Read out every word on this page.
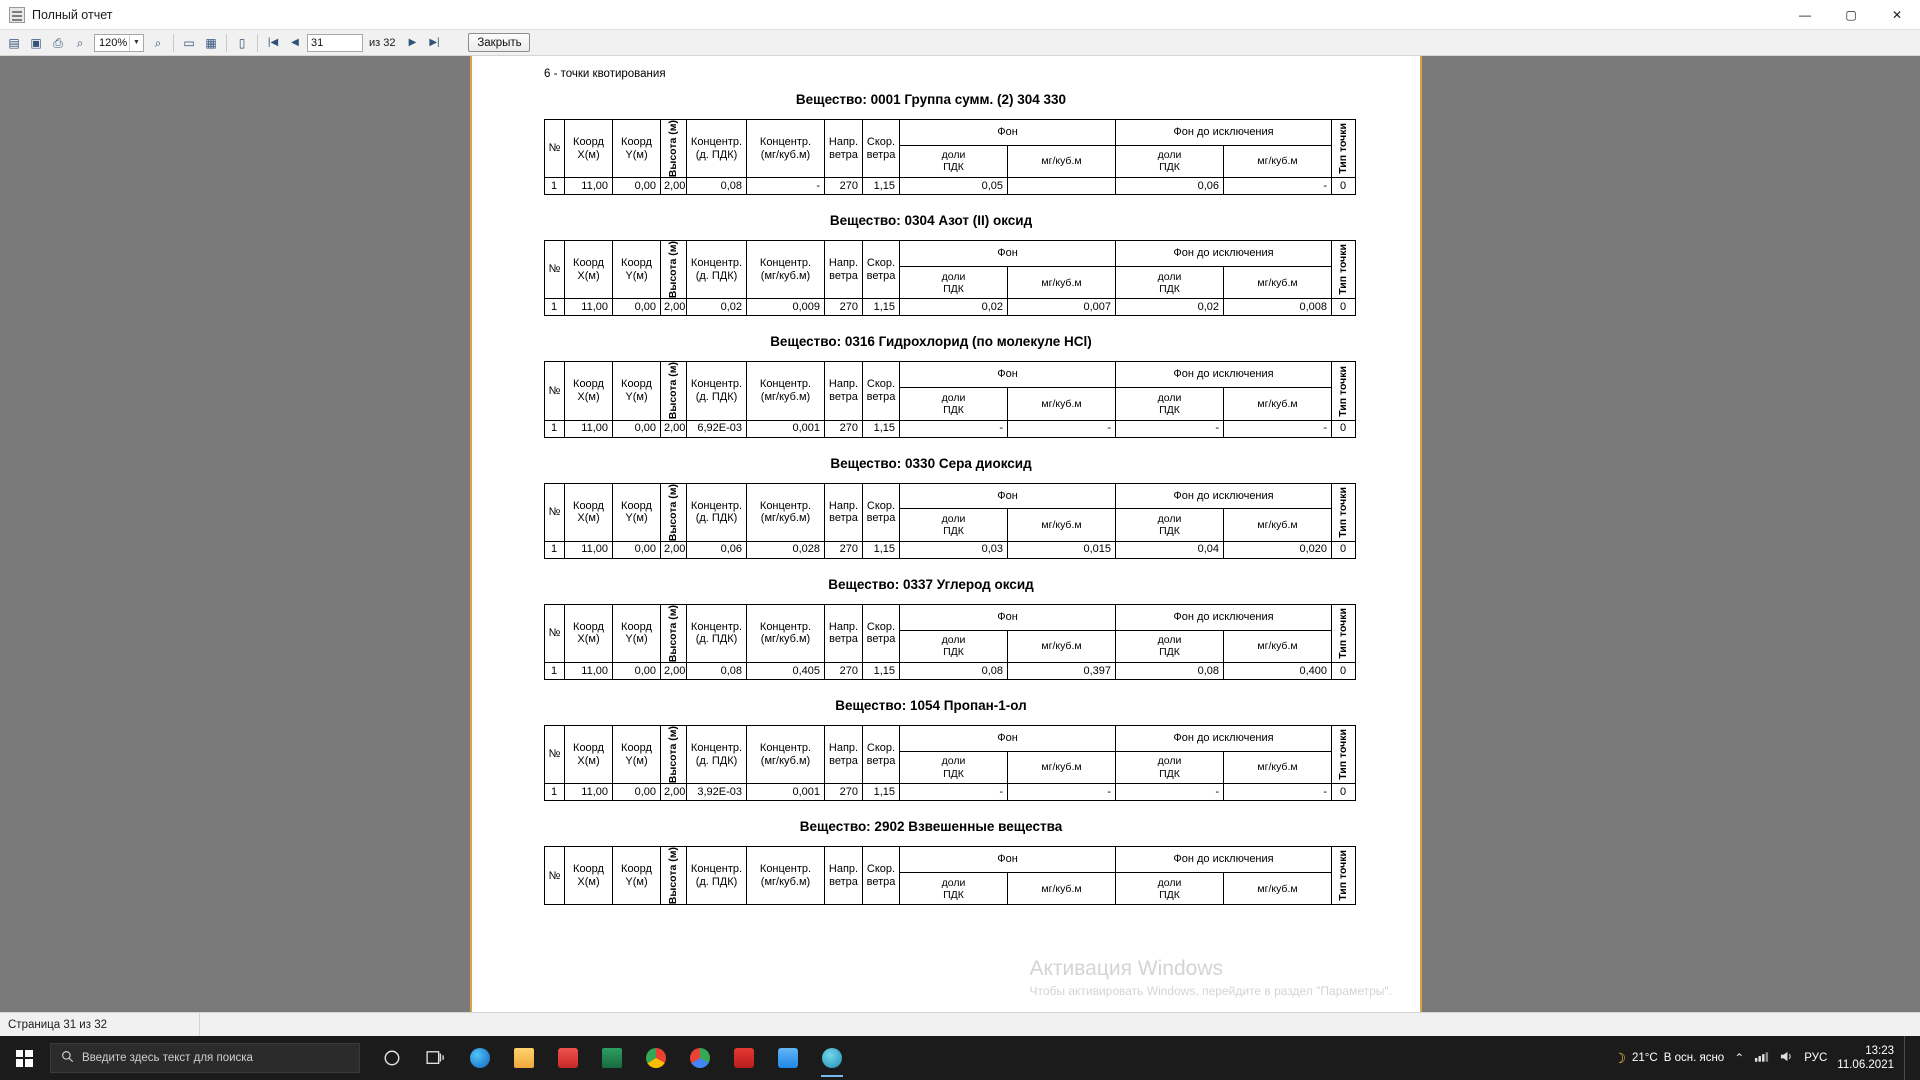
Полный отчет	—	▢	✕
▤ ▣ ⎙ ⌕ 120% ▼ ⌕ ▭ ▦ ▯ |◀ ◀	31	из 32 ▶ ▶|	Закрыть
6 - точки квотирования
Вещество: 0001 Группа сумм. (2) 304 330
№	Коорд
Х(м)	Коорд
Y(м)	Высота (м)	Концентр.
(д. ПДК)	Концентр.
(мг/куб.м)	Напр.
ветра	Скор.
ветра	Фон		Фон до исключения		Тип точки

								доли
ПДК	мг/куб.м	доли
ПДК	мг/куб.м	
1	11,00	0,00	2,00	0,08	-	270	1,15	0,05		0,06	-	0
Вещество: 0304 Азот (II) оксид
№	Коорд
Х(м)	Коорд
Y(м)	Высота (м)	Концентр.
(д. ПДК)	Концентр.
(мг/куб.м)	Напр.
ветра	Скор.
ветра	Фон		Фон до исключения		Тип точки

								доли
ПДК	мг/куб.м	доли
ПДК	мг/куб.м	
1	11,00	0,00	2,00	0,02	0,009	270	1,15	0,02	0,007	0,02	0,008	0
Вещество: 0316 Гидрохлорид (по молекуле HCl)
№	Коорд
Х(м)	Коорд
Y(м)	Высота (м)	Концентр.
(д. ПДК)	Концентр.
(мг/куб.м)	Напр.
ветра	Скор.
ветра	Фон		Фон до исключения		Тип точки

								доли
ПДК	мг/куб.м	доли
ПДК	мг/куб.м	
1	11,00	0,00	2,00	6,92Е-03	0,001	270	1,15	-	-	-	-	0
Вещество: 0330 Сера диоксид
№	Коорд
Х(м)	Коорд
Y(м)	Высота (м)	Концентр.
(д. ПДК)	Концентр.
(мг/куб.м)	Напр.
ветра	Скор.
ветра	Фон		Фон до исключения		Тип точки

								доли
ПДК	мг/куб.м	доли
ПДК	мг/куб.м	
1	11,00	0,00	2,00	0,06	0,028	270	1,15	0,03	0,015	0,04	0,020	0
Вещество: 0337 Углерод оксид
№	Коорд
Х(м)	Коорд
Y(м)	Высота (м)	Концентр.
(д. ПДК)	Концентр.
(мг/куб.м)	Напр.
ветра	Скор.
ветра	Фон		Фон до исключения		Тип точки

								доли
ПДК	мг/куб.м	доли
ПДК	мг/куб.м	
1	11,00	0,00	2,00	0,08	0,405	270	1,15	0,08	0,397	0,08	0,400	0
Вещество: 1054 Пропан-1-ол
№	Коорд
Х(м)	Коорд
Y(м)	Высота (м)	Концентр.
(д. ПДК)	Концентр.
(мг/куб.м)	Напр.
ветра	Скор.
ветра	Фон		Фон до исключения		Тип точки

								доли
ПДК	мг/куб.м	доли
ПДК	мг/куб.м	
1	11,00	0,00	2,00	3,92Е-03	0,001	270	1,15	-	-	-	-	0
Вещество: 2902 Взвешенные вещества
№	Коорд
Х(м)	Коорд
Y(м)	Высота (м)	Концентр.
(д. ПДК)	Концентр.
(мг/куб.м)	Напр.
ветра	Скор.
ветра	Фон		Фон до исключения		Тип точки

								доли
ПДК	мг/куб.м	доли
ПДК	мг/куб.м	
Активация Windows
Чтобы активировать Windows, перейдите в раздел "Параметры".
Страница 31 из 32
Введите здесь текст для поиска	☽ 21°C В осн. ясно ⌃	РУС
13:23
11.06.2021
